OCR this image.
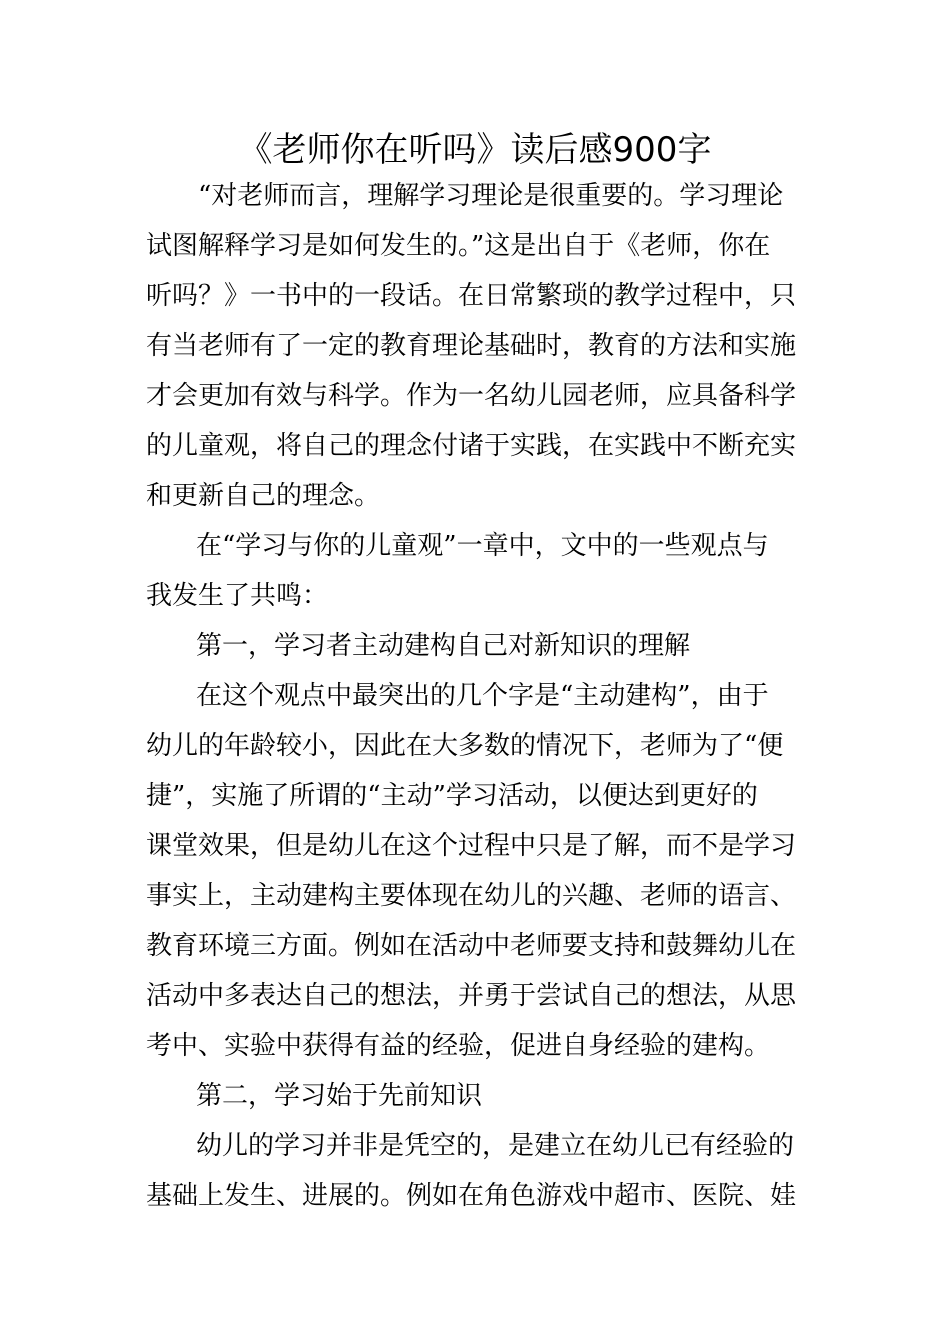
《老师你在听吗》读后感900字
“对老师而言，理解学习理论是很重要的。学习理论
试图解释学习是如何发生的。”这是出自于《老师，你在
听吗？》一书中的一段话。在日常繁琐的教学过程中，只
有当老师有了一定的教育理论基础时，教育的方法和实施
才会更加有效与科学。作为一名幼儿园老师，应具备科学
的儿童观，将自己的理念付诸于实践，在实践中不断充实
和更新自己的理念。
在“学习与你的儿童观”一章中，文中的一些观点与
我发生了共鸣：
第一，学习者主动建构自己对新知识的理解
在这个观点中最突出的几个字是“主动建构”，由于
幼儿的年龄较小，因此在大多数的情况下，老师为了“便
捷”，实施了所谓的“主动”学习活动，以便达到更好的
课堂效果，但是幼儿在这个过程中只是了解，而不是学习
事实上，主动建构主要体现在幼儿的兴趣、老师的语言、
教育环境三方面。例如在活动中老师要支持和鼓舞幼儿在
活动中多表达自己的想法，并勇于尝试自己的想法，从思
考中、实验中获得有益的经验，促进自身经验的建构。
第二，学习始于先前知识
幼儿的学习并非是凭空的，是建立在幼儿已有经验的
基础上发生、进展的。例如在角色游戏中超市、医院、娃
